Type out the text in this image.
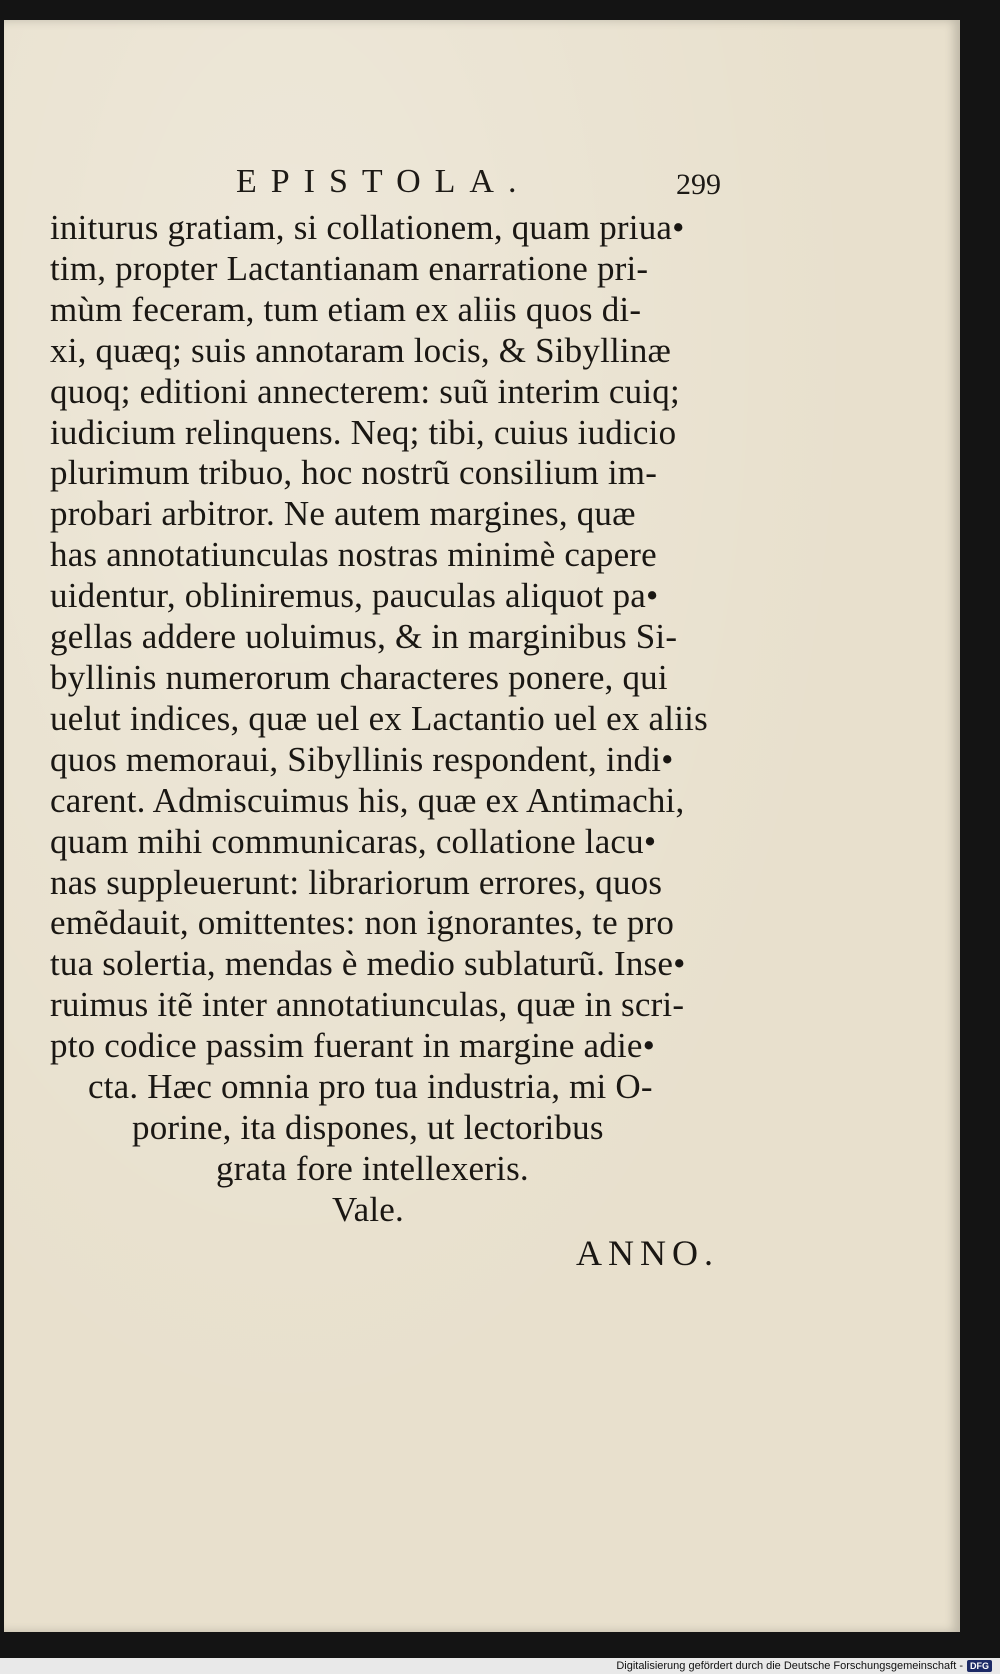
EPISTOLA.	299
initurus gratiam, si collationem, quam priua•
tim, propter Lactantianam enarratione pri-
mùm feceram, tum etiam ex aliis quos di-
xi, quæq; suis annotaram locis, & Sibyllinæ
quoq; editioni annecterem: suũ interim cuiq;
iudicium relinquens. Neq; tibi, cuius iudicio
plurimum tribuo, hoc nostrũ consilium im-
probari arbitror. Ne autem margines, quæ
has annotatiunculas nostras minimè capere
uidentur, obliniremus, pauculas aliquot pa•
gellas addere uoluimus, & in marginibus Si-
byllinis numerorum characteres ponere, qui
uelut indices, quæ uel ex Lactantio uel ex aliis
quos memoraui, Sibyllinis respondent, indi•
carent. Admiscuimus his, quæ ex Antimachi,
quam mihi communicaras, collatione lacu•
nas suppleuerunt: librariorum errores, quos
emẽdauit, omittentes: non ignorantes, te pro
tua solertia, mendas è medio sublaturũ. Inse•
ruimus itẽ inter annotatiunculas, quæ in scri-
pto codice passim fuerant in margine adie•
cta. Hæc omnia pro tua industria, mi O-
porine, ita dispones, ut lectoribus
grata fore intellexeris.
Vale.
ANNO.
Digitalisierung gefördert durch die Deutsche Forschungsgemeinschaft - DFG
